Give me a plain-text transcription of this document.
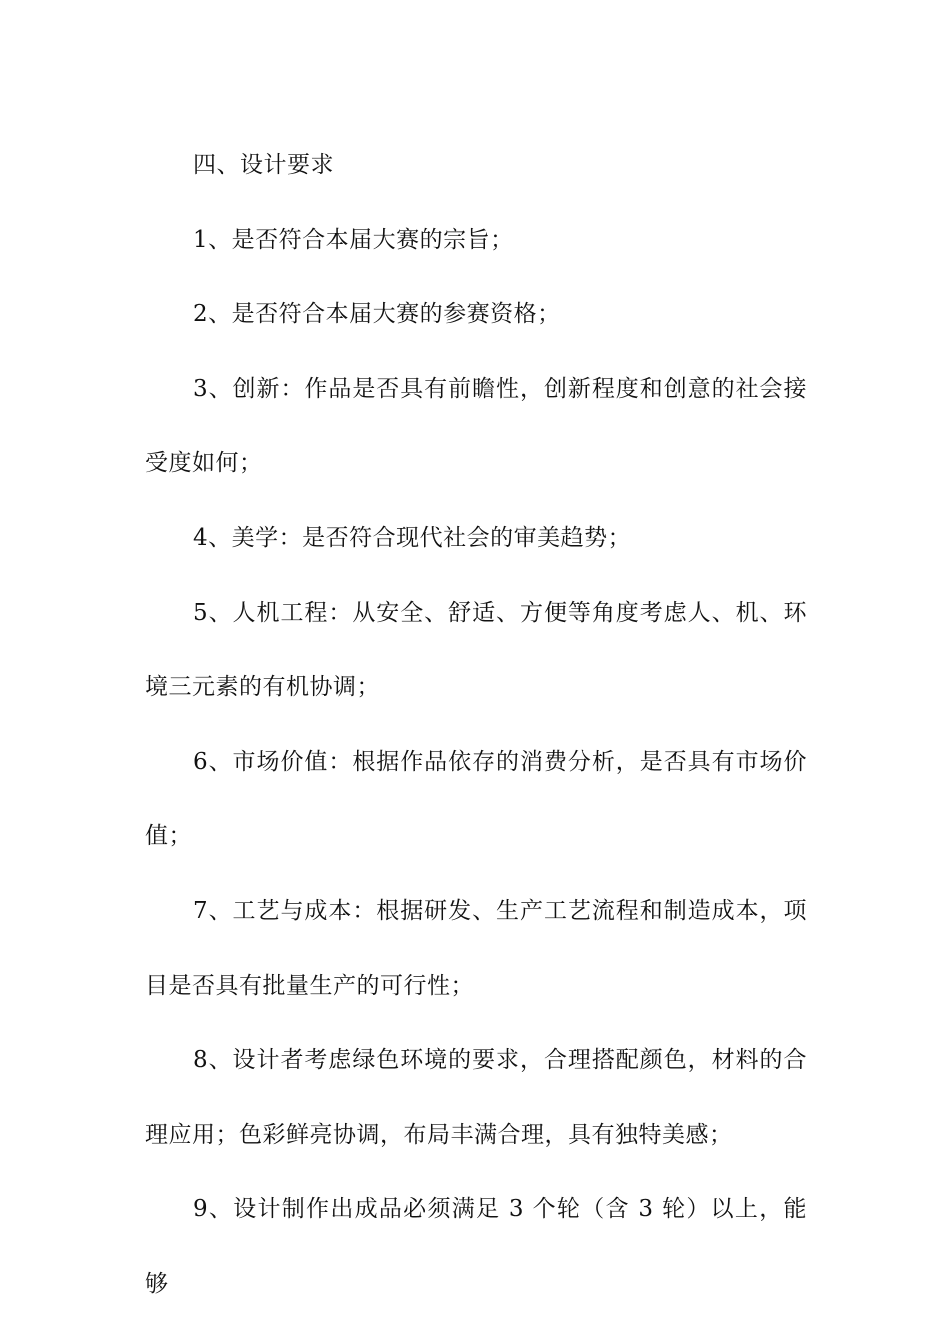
四、设计要求

1、是否符合本届大赛的宗旨；

2、是否符合本届大赛的参赛资格；

3、创新：作品是否具有前瞻性，创新程度和创意的社会接受度如何；

4、美学：是否符合现代社会的审美趋势；

5、人机工程：从安全、舒适、方便等角度考虑人、机、环境三元素的有机协调；

6、市场价值：根据作品依存的消费分析，是否具有市场价值；

7、工艺与成本：根据研发、生产工艺流程和制造成本，项目是否具有批量生产的可行性；

8、设计者考虑绿色环境的要求，合理搭配颜色，材料的合理应用；色彩鲜亮协调，布局丰满合理，具有独特美感；

9、设计制作出成品必须满足 3 个轮（含 3 轮）以上，能够
